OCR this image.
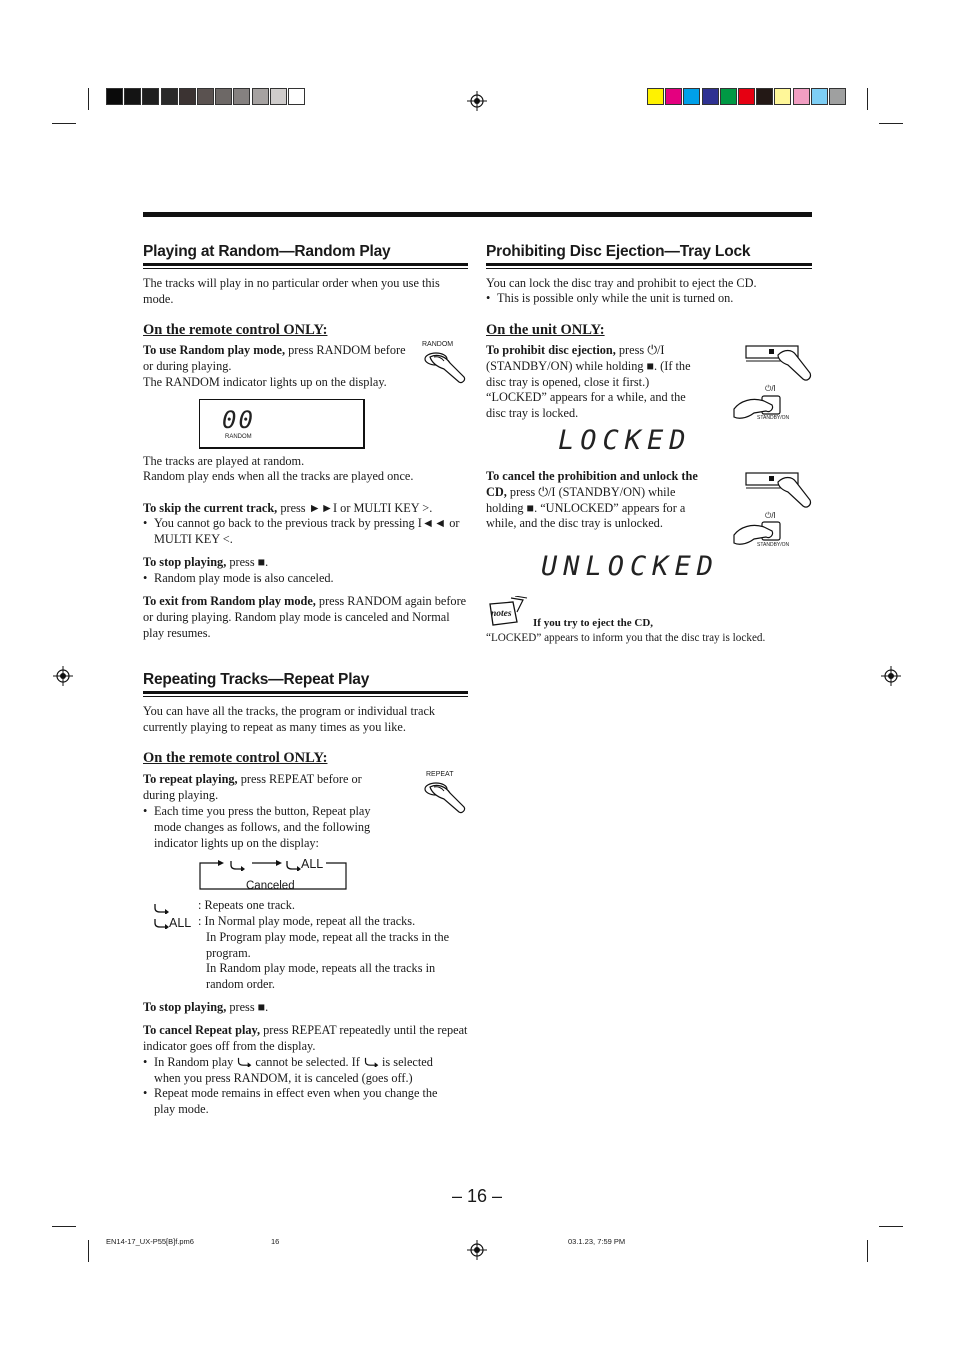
Playing at Random—Random Play
The tracks will play in no particular order when you use this mode.
On the remote control ONLY:
To use Random play mode, press RANDOM before or during playing.
The RANDOM indicator lights up on the display.
RANDOM
00
RANDOM
The tracks are played at random.
Random play ends when all the tracks are played once.
To skip the current track, press ►►I or MULTI KEY >.
• You cannot go back to the previous track by pressing I◄◄ or MULTI KEY <.
To stop playing, press ■.
• Random play mode is also canceled.
To exit from Random play mode, press RANDOM again before or during playing. Random play mode is canceled and Normal play resumes.
Repeating Tracks—Repeat Play
You can have all the tracks, the program or individual track currently playing to repeat as many times as you like.
On the remote control ONLY:
To repeat playing, press REPEAT before or during playing.
• Each time you press the button, Repeat play mode changes as follows, and the following indicator lights up on the display:
REPEAT
ALL
Canceled
: Repeats one track.
ALL : In Normal play mode, repeat all the tracks.
In Program play mode, repeat all the tracks in the program.
In Random play mode, repeats all the tracks in random order.
To stop playing, press ■.
To cancel Repeat play, press REPEAT repeatedly until the repeat indicator goes off from the display.
• In Random play  cannot be selected. If  is selected when you press RANDOM, it is canceled (goes off.)
• Repeat mode remains in effect even when you change the play mode.
Prohibiting Disc Ejection—Tray Lock
You can lock the disc tray and prohibit to eject the CD.
• This is possible only while the unit is turned on.
On the unit ONLY:
To prohibit disc ejection, press ⏻/I (STANDBY/ON) while holding ■. (If the disc tray is opened, close it first.) “LOCKED” appears for a while, and the disc tray is locked.
⏻/I
STANDBY/ON
LOCKED
To cancel the prohibition and unlock the CD, press ⏻/I (STANDBY/ON) while holding ■. “UNLOCKED” appears for a while, and the disc tray is unlocked.
⏻/I
STANDBY/ON
UNLOCKED
notes
If you try to eject the CD,
“LOCKED” appears to inform you that the disc tray is locked.
– 16 –
EN14-17_UX-P55[B]f.pm6	16	03.1.23, 7:59 PM
